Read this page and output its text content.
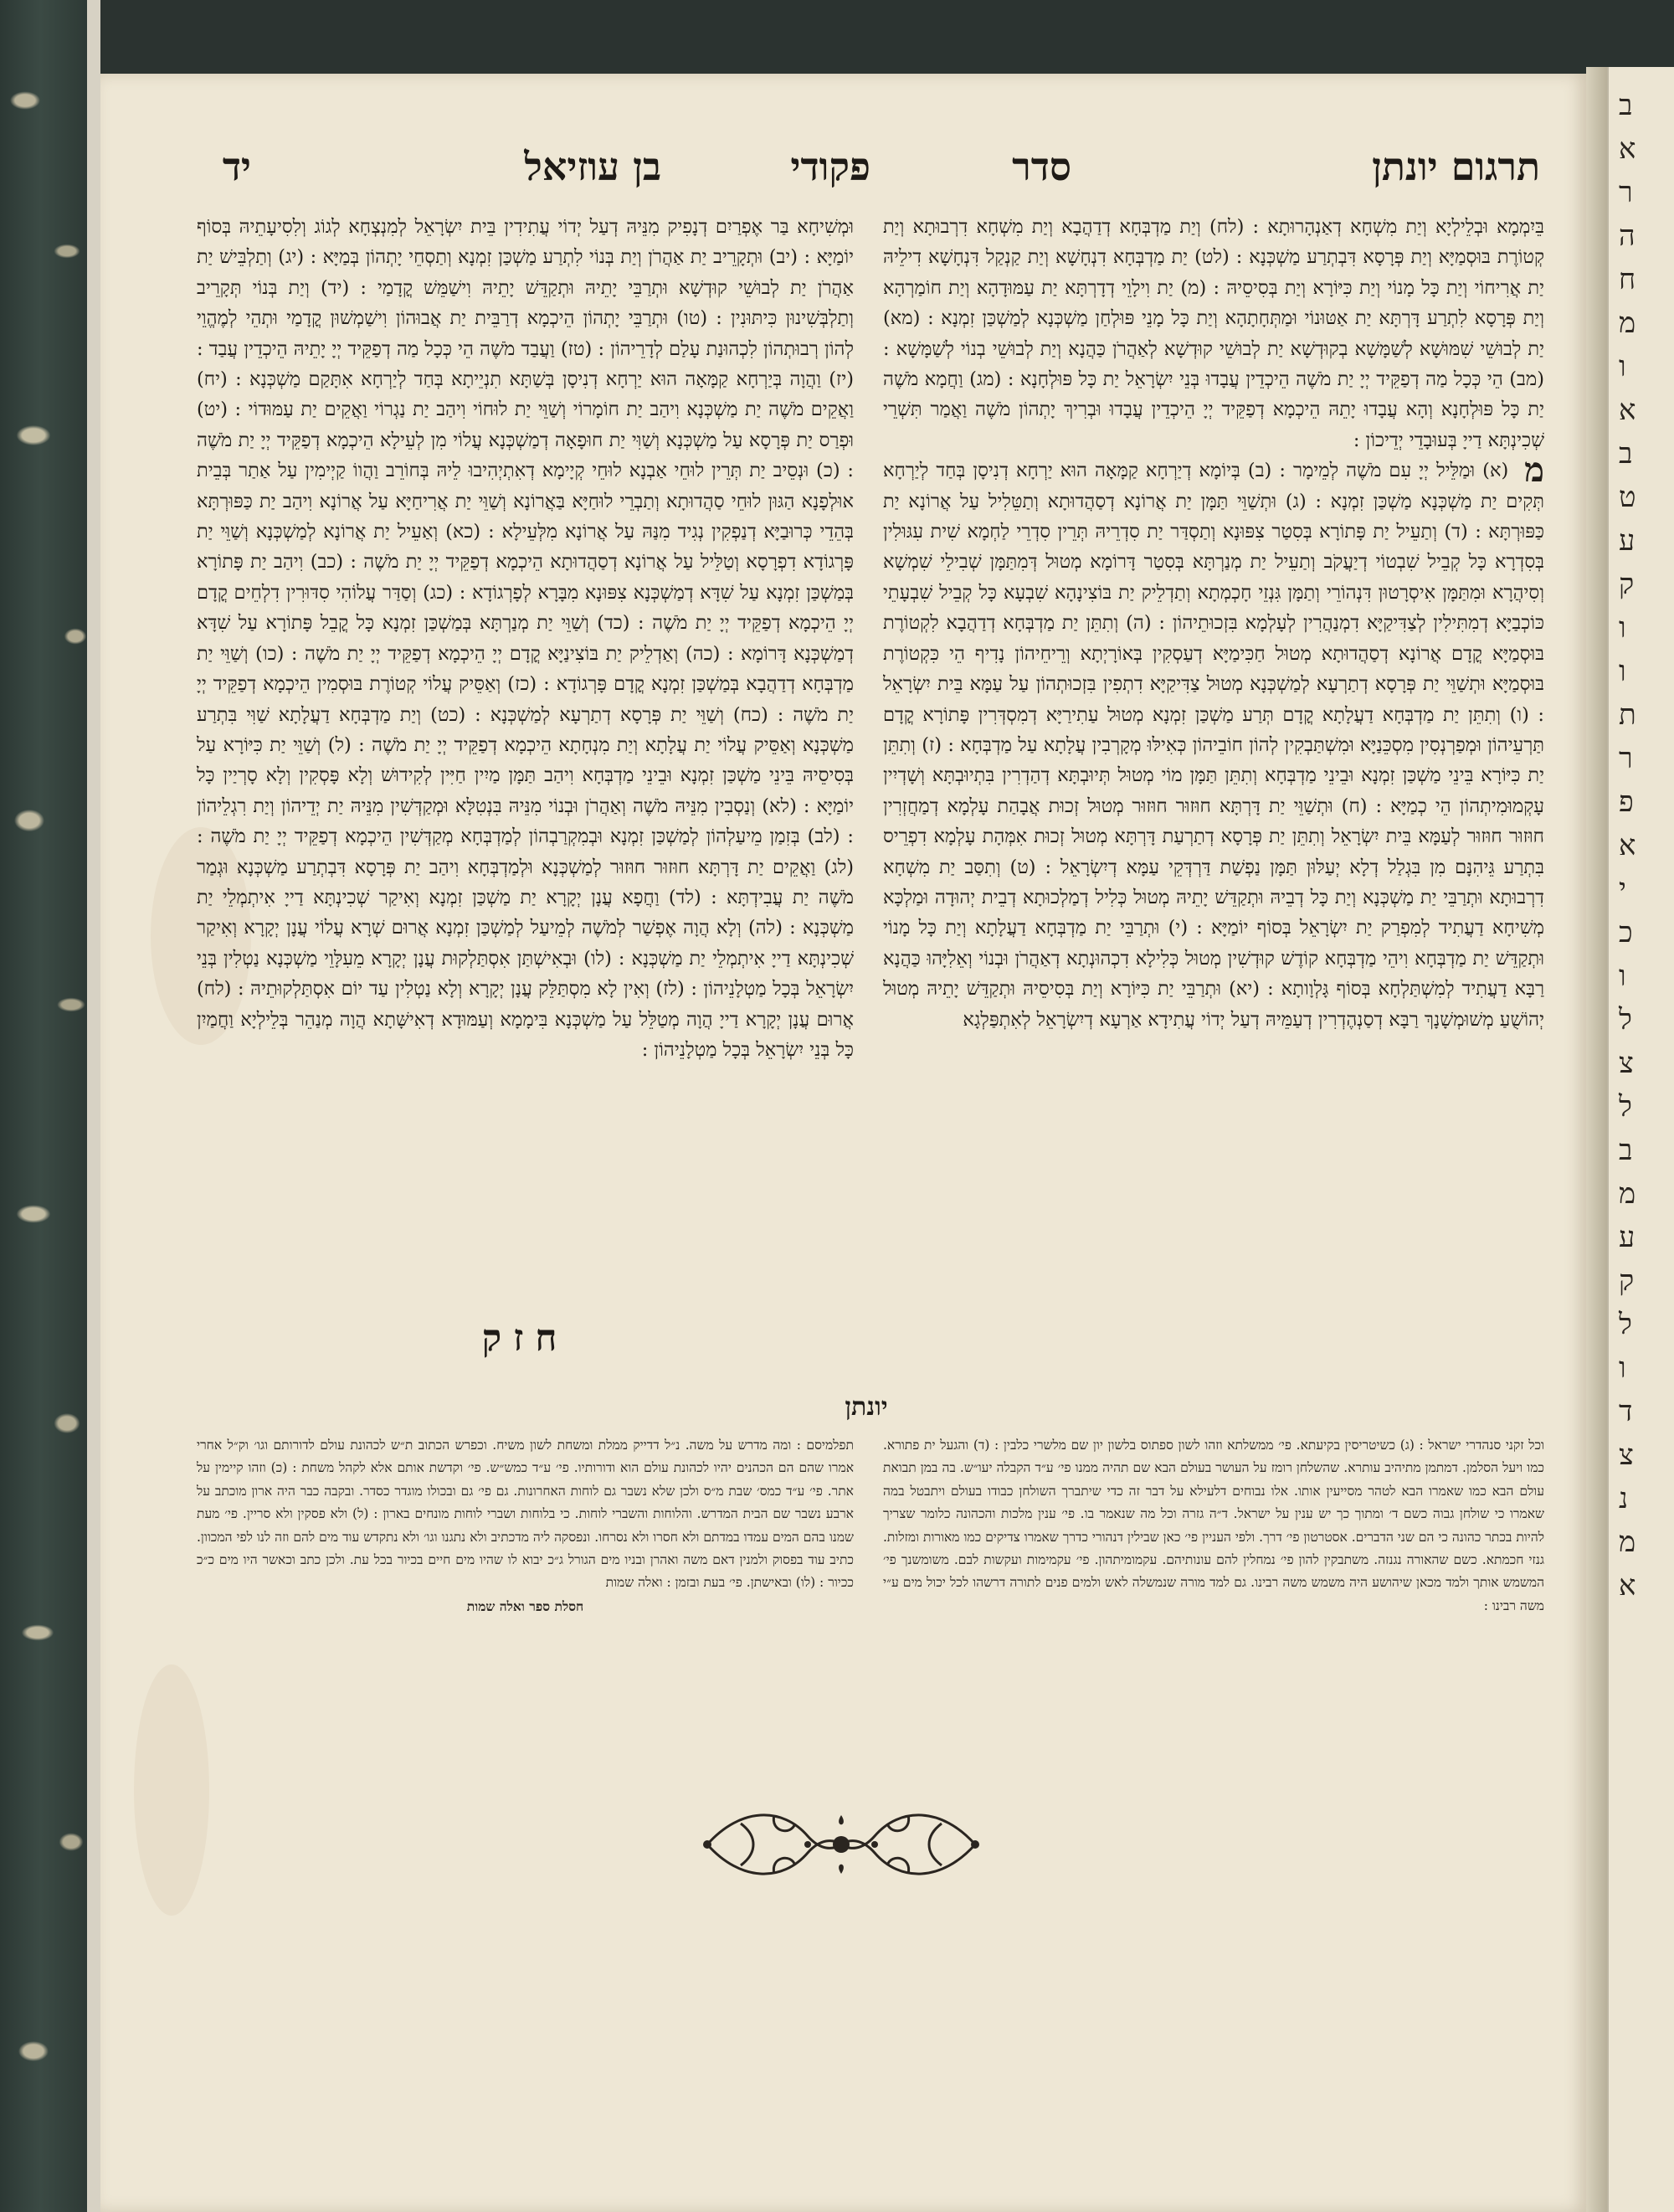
ב
א
ר
ה
ח
מ
ו
א
ב
ט
ע
ק
ו
ו
ת
ר
פ
א
י
כ
ו
ל
צ
ל
ב
מ
ע
ק
ל
ו
ד
צ
נ
מ
א
תרגום יונתן
סדר
פקודי
בן עוזיאל
יד
בֵּיִמְמָא וּבְלֵילְיָא וְיַת מִשְׁחָא דְאַנְהָרוּתָא : (לח) וְיַת מַדְבְּחָא דְדַהֲבָא וְיַת מִשְׁחָא דִרְבוּתָא וְיַת קְטוֹרֶת בּוּסְמַיָּא וְיַת פְּרָסָא דִּבְתְרַע מַשְׁכְּנָא : (לט) יַת מַדְבְּחָא דִנְחָשָׁא וְיַת קַנְקַל דִּנְחָשָׁא דִילֵיהּ יַת אֲרִיחוֹי וְיַת כָּל מָנוֹי וְיַת כִּיּוֹרָא וְיַת בְּסִיסֵיהּ : (מ) יַת וִילָוֵי דְדָרְתָּא יַת עַמּוּדָהָא וְיַת חוֹמַרְהָא וְיַת פְּרָסָא לִתְרַע דָּרְתָּא יַת אַטּוּנוֹי וּמַתְּחָתָהָא וְיַת כָּל מָנֵי פּוּלְחַן מַשְׁכְּנָא לְמַשְׁכַּן זִמְנָא : (מא) יַת לְבוּשֵׁי שִׁמּוּשָׁא לְשַׁמָּשָׁא בְקוּדְשָׁא יַת לְבוּשֵׁי קוּדְשָׁא לְאַהֲרֹן כַּהֲנָא וְיַת לְבוּשֵׁי בְנוֹי לְשַׁמָּשָׁא : (מב) הֵי כְּכָל מַה דְפַקֵּיד יְיָ יַת מֹשֶׁה הֵיכְדֵין עֲבָדוּ בְּנֵי יִשְׂרָאֵל יַת כָּל פּוּלְחָנָא : (מג) וַחֲמָא מֹשֶׁה יַת כָּל פּוּלְחָנָא וְהָא עֲבָדוּ יָתֵהּ הֵיכְמָא דְפַקֵּיד יְיָ הֵיכְדֵין עֲבָדוּ וּבְרִיךְ יָתְהוֹן מֹשֶׁה וַאֲמַר תִּשְׁרֵי שְׁכִינְתָּא דַייָ בְּעוּבָדֵי יְדֵיכוֹן :
מ (א) וּמַלֵּיל יְיָ עִם מֹשֶׁה לְמֵימָר : (ב) בְּיוֹמָא דְיַרְחָא קַמָּאָה הוּא יַרְחָא דְנִיסָן בְּחַד לְיַרְחָא תְּקִים יַת מַשְׁכְּנָא מַשְׁכַּן זִמְנָא : (ג) וּתְשַׁוֵּי תַּמָּן יַת אֲרוֹנָא דְסַהֲדוּתָא וְתַטֵּלִיל עַל אֲרוֹנָא יַת כַּפּוּרְתָּא : (ד) וְתַעֵיל יַת פָּתוֹרָא בְּסִטַר צִפּוּנָא וְתַסְדַּר יַת סִדְרֵיהּ תְּרֵין סִדְרֵי לַחְמָא שִׁית עִגּוּלִין בְּסִדְרָא כָּל קְבֵיל שִׁבְטוֹי דְיַעֲקֹב וְתַעֵיל יַת מְנַרְתָּא בְּסִטַר דָּרוֹמָא מְטוּל דְּמִתַּמָּן שְׁבִילֵי שִׁמְשָׁא וְסִיהֲרָא וּמִתַּמָּן אִיסְרָטוּן דִּנְהוֹרֵי וְתַמָּן גִּנְזֵי חָכְמְתָא וְתַדְלֵיק יַת בּוֹצִינָהָא שִׁבְעָא כָּל קְבֵיל שִׁבְעָתֵי כּוֹכְבַיָּא דְמִתִּילִין לְצַדִּיקַיָּא דִמְנַהֲרִין לְעָלְמָא בִּזְכוּתֵיהוֹן : (ה) וְתִתֵּן יַת מַדְבְּחָא דְדַהֲבָא לִקְטוֹרֶת בּוּסְמַיָּא קֳדָם אֲרוֹנָא דְסַהֲדוּתָא מְטוּל חַכִּימַיָּא דְעַסְקִין בְּאוֹרָיְתָא וְרֵיחֵיהוֹן נָדִיף הֵי כִּקְטוֹרֶת בּוּסְמַיָּא וּתְשַׁוֵּי יַת פְּרָסָא דְתַרְעָא לְמַשְׁכְּנָא מְטוּל צַדִּיקַיָּא דִתְפִין בִּזְכוּתְהוֹן עַל עַמָּא בֵּית יִשְׂרָאֵל : (ו) וְתִתֵּן יַת מַדְבְּחָא דַעֲלָתָא קֳדָם תְּרַע מַשְׁכַּן זִמְנָא מְטוּל עַתִירַיָּא דְמִסְדְּרִין פָּתוֹרָא קֳדָם תַּרְעֵיהוֹן וּמְפַרְנְסִין מִסְכֵּנַיָּא וּמִשְׁתַּבְקִין לְהוֹן חוֹבֵיהוֹן כְּאִילּוּ מְקָרְבִין עֲלָתָא עַל מַדְבְּחָא : (ז) וְתִתֵּן יַת כִּיּוֹרָא בֵּינֵי מַשְׁכַּן זִמְנָא וּבֵינֵי מַדְבְּחָא וְתִתֵּן תַּמָּן מוֹי מְטוּל תְּיוּבְתָּא דְהַדְרִין בִּתְיוּבְתָּא וְשָׁדְיִין עָקְמוּמִיתְהוֹן הֵי כְמַיָּא : (ח) וּתְשַׁוֵּי יַת דָּרְתָּא חוּזוּר חוּזוּר מְטוּל זְכוּת אֲבָהַת עָלְמָא דְמַחֲזְרִין חוּזוּר חוּזוּר לְעַמָּא בֵּית יִשְׂרָאֵל וְתִתֵּן יַת פְּרָסָא דְתַרְעַת דָּרְתָּא מְטוּל זְכוּת אִמְּהָת עָלְמָא דִפְרֵיס בִּתְרַע גֵּיהִנָּם מִן בִּגְלַל דְלָא יְעַלּוּן תַּמָּן נַפְשַׁת דַּרְדְּקֵי עַמָּא דְיִשְׂרָאֵל : (ט) וְתִסַּב יַת מִשְׁחָא דִרְבוּתָא וּתְרַבֵּי יַת מַשְׁכְּנָא וְיַת כָּל דְבֵיהּ וּתְקַדֵּשׁ יָתֵיהּ מְטוּל כְּלִיל דְמַלְכוּתָא דְבֵית יְהוּדָה וּמַלְכָּא מְשִׁיחָא דַעֲתִיד לְמִפְרַק יַת יִשְׂרָאֵל בְּסוֹף יוֹמַיָּא : (י) וּתְרַבֵּי יַת מַדְבְּחָא דַעֲלָתָא וְיַת כָּל מָנוֹי וּתְקַדֵּשׁ יַת מַדְבְּחָא וִיהֵי מַדְבְּחָא קוֹדֶשׁ קוּדְשִׁין מְטוּל כְּלִילָא דִכְהוּנְתָא דְאַהֲרֹן וּבְנוֹי וְאֵלִיָּהוּ כַּהֲנָא רַבָּא דַעֲתִיד לְמִשְׁתַּלְחָא בְּסוֹף גָּלְוָותָא : (יא) וּתְרַבֵּי יַת כִּיּוֹרָא וְיַת בְּסִיסֵיהּ וּתְקַדֵּשׁ יָתֵיהּ מְטוּל יְהוֹשֻׁעַ מְשׁוּמְשָׁנָךְ רַבָּא דְסַנְהֶדְרִין דְעַמֵּיהּ דְעַל יְדוֹי עֲתִידָא אַרְעָא דְיִשְׂרָאֵל לְאִתְפַּלְגָא
וּמְשִׁיחָא בַּר אֶפְרַיִם דְנָפִיק מִנֵּיהּ דְעַל יְדוֹי עֲתִידִין בֵּית יִשְׂרָאֵל לְמִנְצְחָא לְגוֹג וְלִסִיעָתֵיהּ בְּסוֹף יוֹמַיָּא : (יב) וּתְקָרֵיב יַת אַהֲרֹן וְיַת בְּנוֹי לִתְרַע מַשְׁכַּן זִמְנָא וְתַסְחֵי יָתְהוֹן בְּמַיָּא : (יג) וְתַלְבֵּישׁ יַת אַהֲרֹן יַת לְבוּשֵׁי קוּדְשָׁא וּתְרַבֵּי יָתֵיהּ וּתְקַדֵּשׁ יָתֵיהּ וִישַׁמֵּשׁ קֳדָמַי : (יד) וְיַת בְּנוֹי תְּקָרֵיב וְתַלְבְּשִׁינוּן כִּיתּוּנִין : (טו) וּתְרַבֵּי יָתְהוֹן הֵיכְמָא דְרַבֵּית יַת אֲבוּהוֹן וִישַׁמְשׁוּן קֳדָמַי וּתְהֵי לְמֶהֱוֵי לְהוֹן רְבוּתְהוֹן לִכְהוּנַת עָלַם לְדָרֵיהוֹן : (טז) וַעֲבַד מֹשֶׁה הֵי כְּכָל מַה דְפַקֵּיד יְיָ יָתֵיהּ הֵיכְדֵין עֲבַד : (יז) וַהֲוָה בְּיַרְחָא קַמָּאָה הוּא יַרְחָא דְנִיסָן בְּשַׁתָּא תִנְיֵיתָא בְּחַד לְיַרְחָא אִתָּקַם מַשְׁכְּנָא : (יח) וַאֲקֵים מֹשֶׁה יַת מַשְׁכְּנָא וִיהַב יַת חוֹמָרוֹי וְשַׁוֵּי יַת לוּחוֹי וִיהַב יַת נַגְרוֹי וַאֲקֵים יַת עַמּוּדוֹי : (יט) וּפְרַס יַת פְּרָסָא עַל מַשְׁכְּנָא וְשַׁוִּי יַת חוּפָאָה דְמַשְׁכְּנָא עֲלוֹי מִן לְעֵילָא הֵיכְמָא דְפַקֵּיד יְיָ יַת מֹשֶׁה : (כ) וּנְסֵיב יַת תְּרֵין לוּחֵי אַבְנָא לוּחֵי קְיָימָא דְאִתְיְהִיבוּ לֵיהּ בְּחוֹרֵב וַהֲווֹ קַיְימִין עַל אַתַר בְּבֵית אוּלְפָנָא הַגּוּן לוּחֵי סַהֲדוּתָא וְתַבְרֵי לוּחַיָּא בַּאֲרוֹנָא וְשַׁוֵּי יַת אֲרִיחַיָּא עַל אֲרוֹנָא וִיהַב יַת כַּפּוּרְתָּא בְּהֵדֵי כְּרוּבַיָּא דְנַפְקִין נְגִיד מִנַּהּ עַל אֲרוֹנָא מִלְּעֵילָא : (כא) וְאַעֵיל יַת אֲרוֹנָא לְמַשְׁכְּנָא וְשַׁוֵּי יַת פָּרְגוֹדָא דִפְרָסָא וְטַלֵּיל עַל אֲרוֹנָא דְסַהֲדוּתָא הֵיכְמָא דְפַקֵּיד יְיָ יַת מֹשֶׁה : (כב) וִיהַב יַת פָּתוֹרָא בְּמַשְׁכַּן זִמְנָא עַל שִׁדָּא דְמַשְׁכְּנָא צִפּוּנָא מִבָּרָא לְפָרְגוֹדָא : (כג) וְסַדַּר עֲלוֹהִי סִדּוּרִין דִלְחֵים קֳדָם יְיָ הֵיכְמָא דְפַקֵּיד יְיָ יַת מֹשֶׁה : (כד) וְשַׁוֵּי יַת מְנַרְתָּא בְּמַשְׁכַּן זִמְנָא כָּל קֳבֵל פָּתוֹרָא עַל שִׁדָּא דְמַשְׁכְּנָא דָּרוֹמָא : (כה) וְאַדְלֵיק יַת בּוֹצִינַיָּא קֳדָם יְיָ הֵיכְמָא דְפַקֵּיד יְיָ יַת מֹשֶׁה : (כו) וְשַׁוֵּי יַת מַדְבְּחָא דְדַהֲבָא בְּמַשְׁכַּן זִמְנָא קֳדָם פָּרְגוֹדָא : (כז) וְאַסֵּיק עֲלוֹי קְטוֹרֶת בּוּסְמִין הֵיכְמָא דְפַקֵּיד יְיָ יַת מֹשֶׁה : (כח) וְשַׁוֵּי יַת פְּרָסָא דְתַרְעָא לְמַשְׁכְּנָא : (כט) וְיַת מַדְבְּחָא דַעֲלָתָא שַׁוִּי בִּתְרַע מַשְׁכְּנָא וְאַסֵּיק עֲלוֹי יַת עֲלָתָא וְיַת מִנְחָתָא הֵיכְמָא דְפַקֵּיד יְיָ יַת מֹשֶׁה : (ל) וְשַׁוֵּי יַת כִּיּוֹרָא עַל בְּסִיסֵיהּ בֵּינֵי מַשְׁכַּן זִמְנָא וּבֵינֵי מַדְבְּחָא וִיהַב תַּמָּן מַיִין חַיִּין לְקִידוּשׁ וְלָא פָּסְקִין וְלָא סָרְיַין כָּל יוֹמַיָּא : (לא) וְנַסְבִין מִנֵּיהּ מֹשֶׁה וְאַהֲרֹן וּבְנוֹי מִנֵּיהּ בִּנְטִלָּא וּמְקַדְּשִׁין מִנֵּיהּ יַת יְדֵיהוֹן וְיַת רִגְלֵיהוֹן : (לב) בְּזִמַן מֵיעַלְהוֹן לְמַשְׁכַּן זִמְנָא וּבְמִקְרַבְהוֹן לְמַדְבְּחָא מְקַדְּשִׁין הֵיכְמָא דְפַקֵּיד יְיָ יַת מֹשֶׁה : (לג) וַאֲקֵים יַת דָּרְתָּא חוּזוּר חוּזוּר לְמַשְׁכְּנָא וּלְמַדְבְּחָא וִיהַב יַת פְּרָסָא דִּבְתְרַע מַשְׁכְּנָא וּגְמַר מֹשֶׁה יַת עֲבִידְתָּא : (לד) וַחֲפָא עֲנָן יְקָרָא יַת מַשְׁכַּן זִמְנָא וְאִיקַר שְׁכִינְתָּא דַייָ אִיתְמְלֵי יַת מַשְׁכְּנָא : (לה) וְלָא הֲוָה אֶפְשַׁר לְמֹשֶׁה לְמֵיעַל לְמַשְׁכַּן זִמְנָא אֲרוּם שְׁרָא עֲלוֹי עֲנָן יְקָרָא וְאִיקַר שְׁכִינְתָּא דַייָ אִיתְמְלֵי יַת מַשְׁכְּנָא : (לו) וּבְאִישְׁתַּן אִסְתַּלְקוּת עֲנָן יְקָרָא מֵעִלָּוֵי מַשְׁכְּנָא נַטְלִין בְּנֵי יִשְׂרָאֵל בְּכָל מַטְלָנֵיהוֹן : (לז) וְאִין לָא מִסְתַּלֵּק עֲנָן יְקָרָא וְלָא נַטְלִין עַד יוֹם אִסְתַּלְקוּתֵיהּ : (לח) אֲרוּם עֲנָן יְקָרָא דַייָ הֲוָה מְטַלֵּל עַל מַשְׁכְּנָא בִּימָמָא וְעַמּוּדָא דְאִישָּׁתָא הֲוָה מְנַהֵר בְּלֵילְיָא וַחֲמַיִן כָּל בְּנֵי יִשְׂרָאֵל בְּכָל מַטְלָנֵיהוֹן :
חזק
יונתן
וכל זקני סנהדרי ישראל : (ג) כשיטריסין בקיעתא. פי׳ ממשלתא וזהו לשון ספתוס בלשון יון שם מלשרי כלבין : (ד) והגעל ית פתורא. כמו ויעל הסלמן. דמתמן מתיהיב עותרא. שהשלחן רומז על העושר בעולם הבא שם תהיה ממנו פי׳ ע״ד הקבלה יעו״ש. בה במן תבואת עולם הבא כמו שאמרו הבא לטהר מסייעין אותו. אלו נבוחים דלעילא על דבר זה כדי שיתברך השולחן כבודו בעולם ויתבטל במה שאמרו כי שולחן גבוה כשם ד׳ ומתוך כך יש ענין על ישראל. ד״ה גזרה וכל מה שנאמר בו. פי׳ ענין מלכות והכהונה כלומר שצריך להיות בכתר כהונה כי הם שני הדברים. אסטרטון פי׳ דרך. ולפי העניין פי׳ כאן שבילין דנהורי כדרך שאמרו צדיקים כמו מאורות ומזלות. גנזי חכמתא. כשם שהאורה נגנזה. משתבקין להון פי׳ נמחלין להם עונותיהם. עקמומיתהון. פי׳ עקמימות ועקשות לבם. משומשנך פי׳ המשמש אותך ולמד מכאן שיהושע היה משמש משה רבינו. גם למד מורה שנמשלה לאש ולמים פנים לתורה דרשהו לכל יכול מים ע״י משה רבינו :
תפלמיסם : ומה מדרש על משה. נ״ל דדייק ממלת ומשחת לשון משיח. וכפרש הכתוב ת״ש לכהונת עולם לדורותם וגו׳ וק״ל אחרי אמרו שהם הם הכהנים יהיו לכהונת עולם הוא ודורותיו. פי׳ ע״ד כמש״ש. פי׳ וקדשת אותם אלא לקהל משחת : (כ) וזהו קיימין על אתר. פי׳ ע״ד כמס׳ שבת מ״ס ולכן שלא נשבר גם לוחות האחרונות. גם פי׳ גם ובכולו מוגדר כסדר. ובקבה כבר היה ארון מוכתב על ארבע נשבר שם הבית המדרש. והלוחות והשברי לוחות. כי בלוחות ושברי לוחות מונחים בארון : (ל) ולא פסקין ולא סריין. פי׳ מעת שמנו בהם המים עמדו במדתם ולא חסרו ולא נסרחו. ונפסקה ליה מדכתיב ולא נתגנו וגו׳ ולא נתקדש עוד מים להם וזה לנו לפי המכוון. כתיב עוד בפסוק ולמנין דאם משה ואהרן ובניו מים הגורל ג״כ יבוא לו שהיו מים חיים בכיור בכל עת. ולכן כתב וכאשר היו מים כ״כ ככיור : (לו) ובאישתן. פי׳ בעת ובזמן : ואלה שמות
חסלת ספר ואלה שמות
